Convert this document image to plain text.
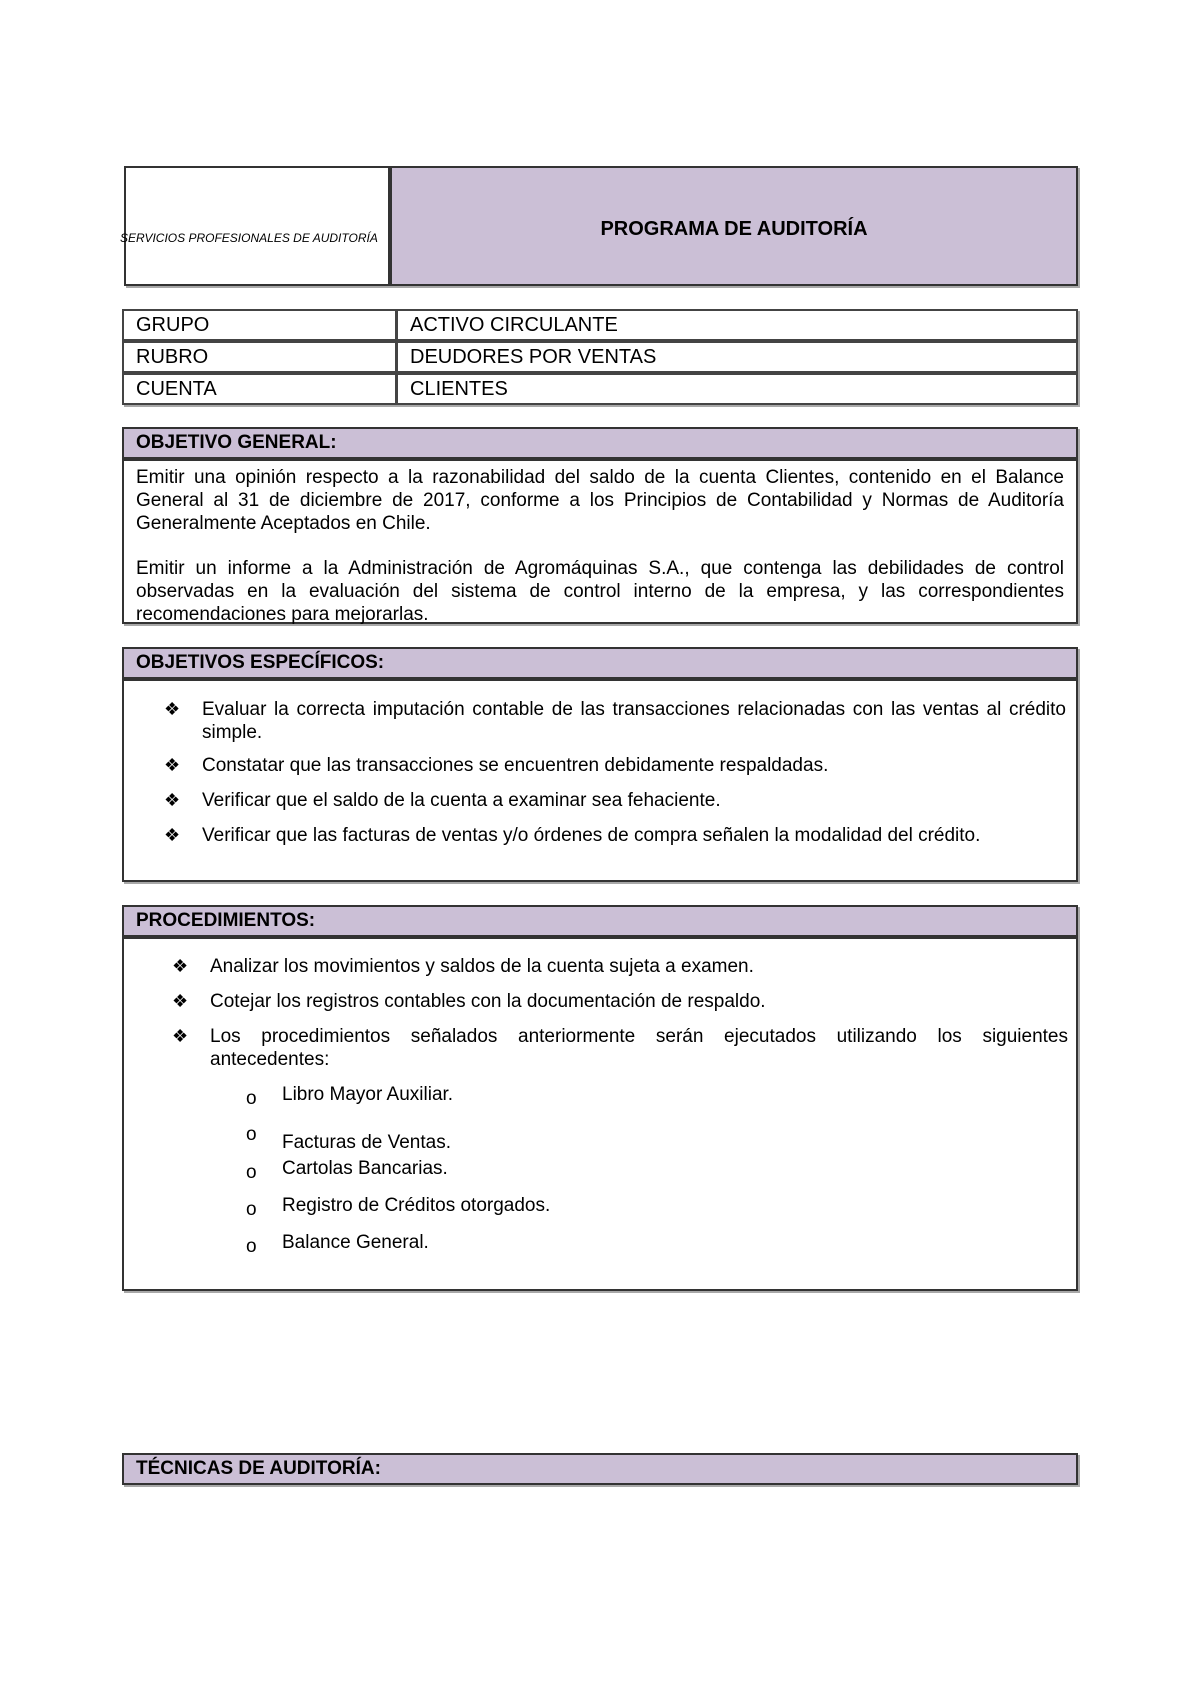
SERVICIOS PROFESIONALES DE AUDITORÍA	PROGRAMA DE AUDITORÍA
GRUPO	ACTIVO CIRCULANTE
RUBRO	DEUDORES POR VENTAS
CUENTA	CLIENTES
OBJETIVO GENERAL:
Emitir una opinión respecto a la razonabilidad del saldo de la cuenta Clientes, contenido en el Balance General al 31 de diciembre de 2017, conforme a los Principios de Contabilidad y Normas de Auditoría Generalmente Aceptados en Chile.
Emitir un informe a la Administración de Agromáquinas S.A., que contenga las debilidades de control observadas en la evaluación del sistema de control interno de la empresa, y las correspondientes recomendaciones para mejorarlas.
OBJETIVOS ESPECÍFICOS:
❖ Evaluar la correcta imputación contable de las transacciones relacionadas con las ventas al crédito simple.
❖ Constatar que las transacciones se encuentren debidamente respaldadas.
❖ Verificar que el saldo de la cuenta a examinar sea fehaciente.
❖ Verificar que las facturas de ventas y/o órdenes de compra señalen la modalidad del crédito.
PROCEDIMIENTOS:
❖ Analizar los movimientos y saldos de la cuenta sujeta a examen.
❖ Cotejar los registros contables con la documentación de respaldo.
❖ Los procedimientos señalados anteriormente serán ejecutados utilizando los siguientes antecedentes:
o Libro Mayor Auxiliar.
o Facturas de Ventas.
o Cartolas Bancarias.
o Registro de Créditos otorgados.
o Balance General.
TÉCNICAS DE AUDITORÍA:
